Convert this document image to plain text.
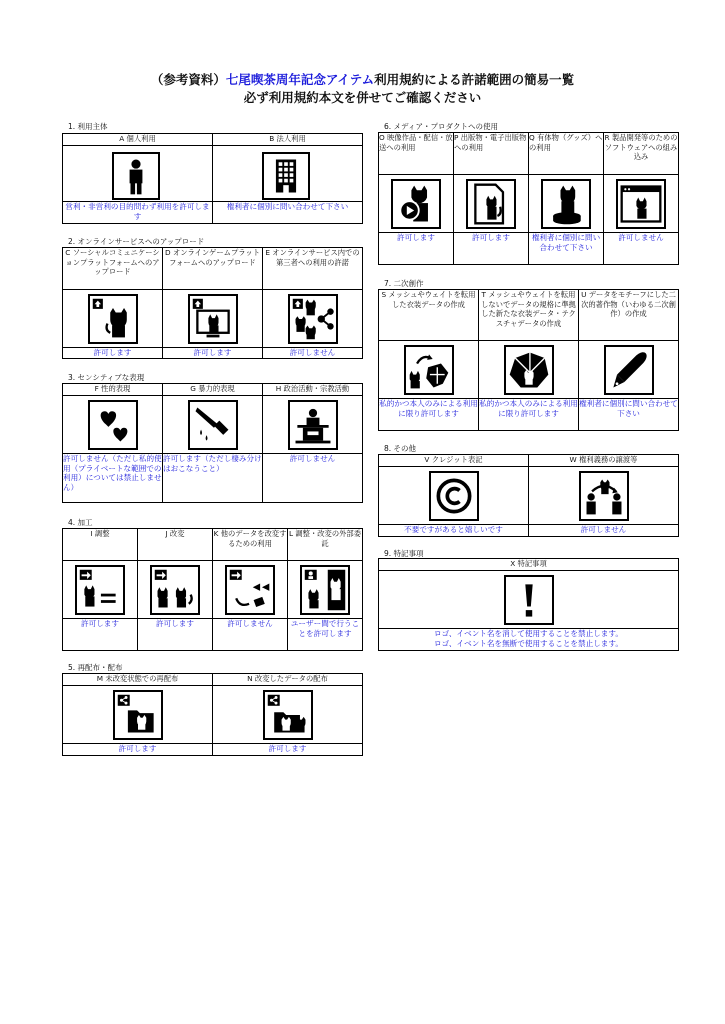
（参考資料）七尾喫茶周年記念アイテム利用規約による許諾範囲の簡易一覧
必ず利用規約本文を併せてご確認ください
1. 利用主体
A 個人利用	B 法人利用

営利・非営利の目的問わず利用を許可します	権利者に個別に問い合わせて下さい
2. オンラインサービスへのアップロード
C ソーシャルコミュニケーションプラットフォームへのアップロード	D オンラインゲームプラットフォームへのアップロード	E オンラインサービス内での第三者への利用の許諾

許可します	許可します	許可しません
3. センシティブな表現
F 性的表現	G 暴力的表現	H 政治活動・宗教活動

許可しません（ただし私的使用（プライベートな範囲での利用）については禁止しません）	許可します（ただし棲み分けはおこなうこと）	許可しません
4. 加工
I 調整	J 改変	K 他のデータを改変するための利用	L 調整・改変の外部委託

許可します	許可します	許可しません	ユーザー間で行うことを許可します
5. 再配布・配布
M 未改変状態での再配布	N 改変したデータの配布

許可します	許可します
6. メディア・プロダクトへの使用
O 映像作品・配信・放送への利用	P 出版物・電子出版物への利用	Q 有体物（グッズ）への利用	R 製品開発等のためのソフトウェアへの組み込み

許可します	許可します	権利者に個別に問い合わせて下さい	許可しません
7. 二次創作
S メッシュやウェイトを転用した衣装データの作成	T メッシュやウェイトを転用しないでデータの規格に準拠した新たな衣装データ・テクスチャデータの作成	U データをモチーフにした二次的著作物（いわゆる二次創作）の作成

私的かつ本人のみによる利用に限り許可します	私的かつ本人のみによる利用に限り許可します	権利者に個別に問い合わせて下さい
8. その他
V クレジット表記	W 権利義務の譲渡等

不要ですがあると嬉しいです	許可しません
9. 特記事項
X 特記事項

ロゴ、イベント名を消して使用することを禁止します。
ロゴ、イベント名を無断で使用することを禁止します。
